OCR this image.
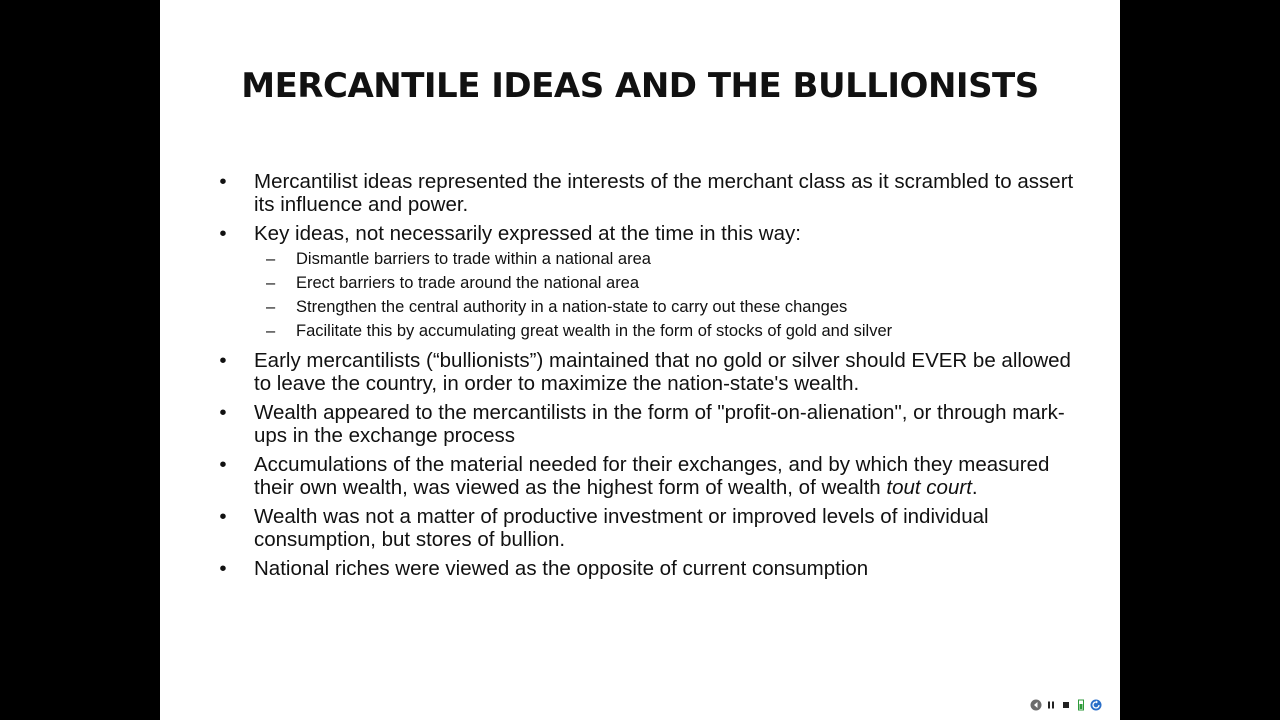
MERCANTILE IDEAS AND THE BULLIONISTS
• Mercantilist ideas represented the interests of the merchant class as it scrambled to assert its influence and power.
• Key ideas, not necessarily expressed at the time in this way:
– Dismantle barriers to trade within a national area
– Erect barriers to trade around the national area
– Strengthen the central authority in a nation-state to carry out these changes
– Facilitate this by accumulating great wealth in the form of stocks of gold and silver
• Early mercantilists (“bullionists”) maintained that no gold or silver should EVER be allowed to leave the country, in order to maximize the nation-state's wealth.
• Wealth appeared to the mercantilists in the form of "profit-on-alienation", or through mark-ups in the exchange process
• Accumulations of the material needed for their exchanges, and by which they measured their own wealth, was viewed as the highest form of wealth, of wealth tout court.
• Wealth was not a matter of productive investment or improved levels of individual consumption, but stores of bullion.
• National riches were viewed as the opposite of current consumption
